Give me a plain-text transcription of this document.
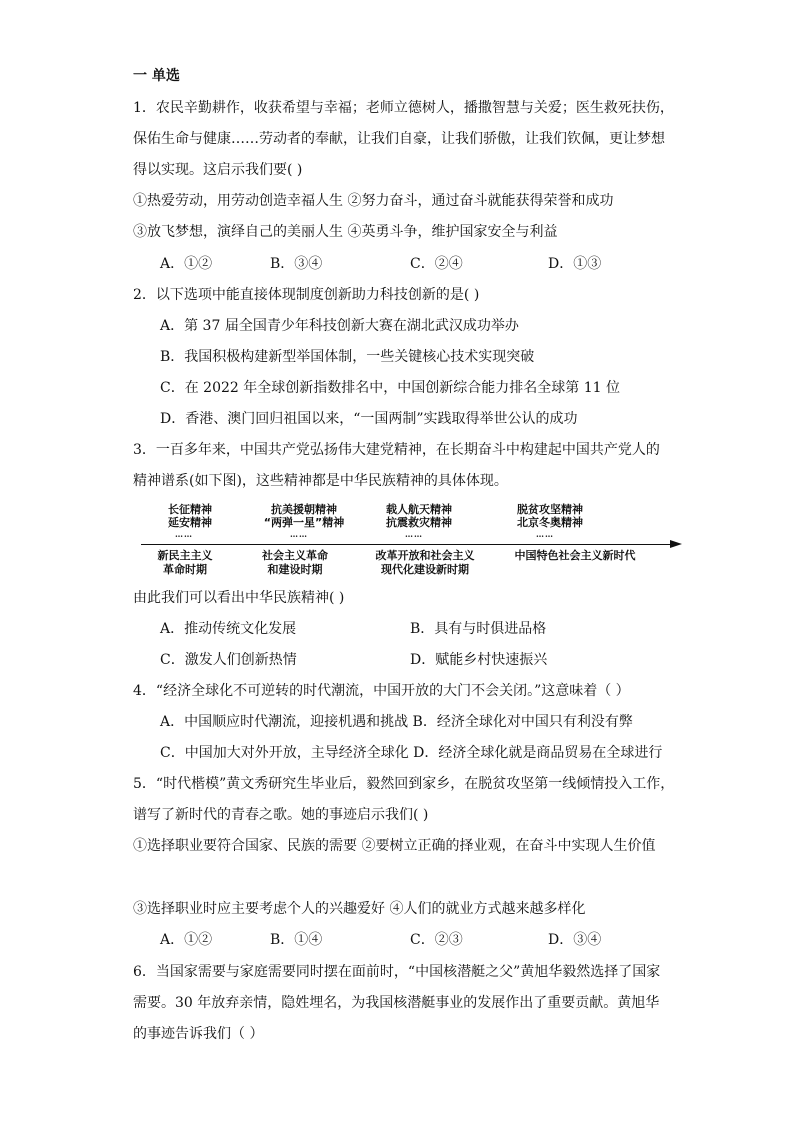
一 单选
1．农民辛勤耕作，收获希望与幸福；老师立德树人，播撒智慧与关爱；医生救死扶伤，
保佑生命与健康……劳动者的奉献，让我们自豪，让我们骄傲，让我们钦佩，更让梦想
得以实现。这启示我们要( )
①热爱劳动，用劳动创造幸福人生 ②努力奋斗，通过奋斗就能获得荣誉和成功
③放飞梦想，演绎自己的美丽人生 ④英勇斗争，维护国家安全与利益
A．①②	B．③④	C．②④	D．①③
2．以下选项中能直接体现制度创新助力科技创新的是( )
A．第 37 届全国青少年科技创新大赛在湖北武汉成功举办
B．我国积极构建新型举国体制，一些关键核心技术实现突破
C．在 2022 年全球创新指数排名中，中国创新综合能力排名全球第 11 位
D．香港、澳门回归祖国以来，“一国两制”实践取得举世公认的成功
3．一百多年来，中国共产党弘扬伟大建党精神，在长期奋斗中构建起中国共产党人的
精神谱系(如下图)，这些精神都是中华民族精神的具体体现。
长征精神
延安精神
……
抗美援朝精神
“两弹一星”精神
……
载人航天精神
抗震救灾精神
……
脱贫攻坚精神
北京冬奥精神
……
新民主主义
革命时期
社会主义革命
和建设时期
改革开放和社会主义
现代化建设新时期
中国特色社会主义新时代
由此我们可以看出中华民族精神( )
A．推动传统文化发展	B．具有与时俱进品格
C．激发人们创新热情	D．赋能乡村快速振兴
4．“经济全球化不可逆转的时代潮流，中国开放的大门不会关闭。”这意味着（ ）
A．中国顺应时代潮流，迎接机遇和挑战 B．经济全球化对中国只有利没有弊
C．中国加大对外开放，主导经济全球化 D．经济全球化就是商品贸易在全球进行
5．“时代楷模”黄文秀研究生毕业后，毅然回到家乡，在脱贫攻坚第一线倾情投入工作，
谱写了新时代的青春之歌。她的事迹启示我们( )
①选择职业要符合国家、民族的需要 ②要树立正确的择业观，在奋斗中实现人生价值
③选择职业时应主要考虑个人的兴趣爱好 ④人们的就业方式越来越多样化
A．①②	B．①④	C．②③	D．③④
6．当国家需要与家庭需要同时摆在面前时，“中国核潜艇之父”黄旭华毅然选择了国家
需要。30 年放弃亲情，隐姓埋名，为我国核潜艇事业的发展作出了重要贡献。黄旭华
的事迹告诉我们（ ）
